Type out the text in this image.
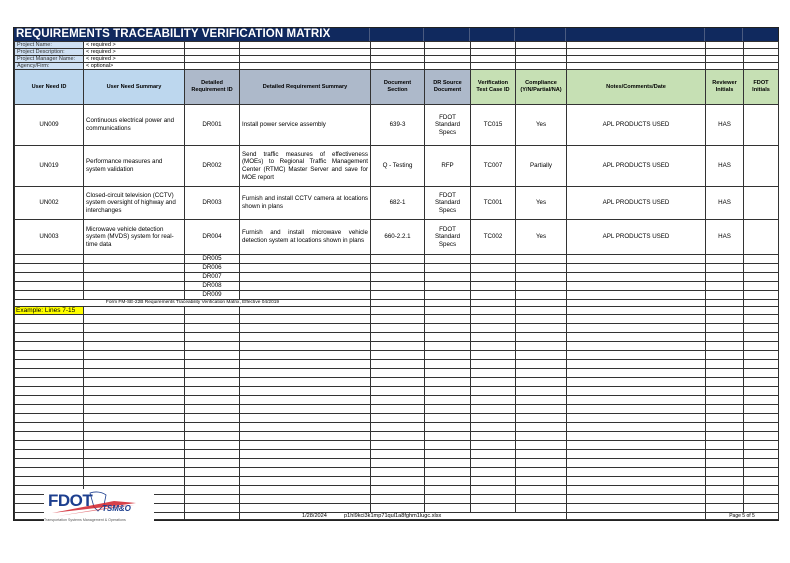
REQUIREMENTS TRACEABILITY VERIFICATION MATRIX
Project Name:	< required >									
Project Description:	< required >									
Project Manager Name:	< required >									
Agency/Firm:	< optional>									
User Need ID	User Need Summary	Detailed Requirement ID	Detailed Requirement Summary	Document Section	DR Source Document	Verification Test Case ID	Compliance (Y/N/Partial/NA)	Notes/Comments/Date	Reviewer Initials	FDOT Initials
UN009	Continuous electrical power and communications	DR001	Install power service assembly	639-3	FDOT Standard Specs	TC015	Yes	APL PRODUCTS USED	HAS	
UN019	Performance measures and system validation	DR002	Send traffic measures of effectiveness (MOEs) to Regional Traffic Management Center (RTMC) Master Server and save for MOE report	Q - Testing	RFP	TC007	Partially	APL PRODUCTS USED	HAS	
UN002	Closed-circuit television (CCTV) system oversight of highway and interchanges	DR003	Furnish and install CCTV camera at locations shown in plans	682-1	FDOT Standard Specs	TC001	Yes	APL PRODUCTS USED	HAS	
UN003	Microwave vehicle detection system (MVDS) system for real-time data	DR004	Furnish and install microwave vehicle detection system at locations shown in plans	660-2.2.1	FDOT Standard Specs	TC002	Yes	APL PRODUCTS USED	HAS	
		DR005								
		DR006								
		DR007								
		DR008								
		DR009								
Form FM-SE-22B Requirements Traceability Verification Matrix, Effective 04/2019										
Example: Lines 7-15										

			1/28/2024 p1hl9kci3k1mp71qul1a8fghm1lugc.xlsx						Page 5 of 5	
FDOT TSM&O
Transportation Systems Management & Operations
